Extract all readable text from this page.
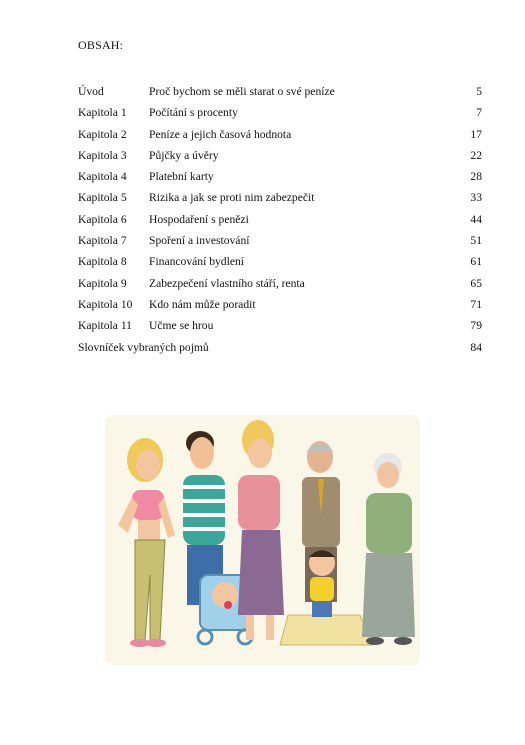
OBSAH:
Úvod	Proč bychom se měli starat o své peníze	5
Kapitola 1 Počítání s procenty	7
Kapitola 2 Peníze a jejich časová hodnota	17
Kapitola 3 Půjčky a úvěry	22
Kapitola 4 Platební karty	28
Kapitola 5 Rizika a jak se proti nim zabezpečit	33
Kapitola 6 Hospodaření s penězi	44
Kapitola 7 Spoření a investování	51
Kapitola 8 Financování bydlení	61
Kapitola 9 Zabezpečení vlastního stáří, renta	65
Kapitola 10 Kdo nám může poradit	71
Kapitola 11 Učme se hrou	79
Slovníček vybraných pojmů	84
